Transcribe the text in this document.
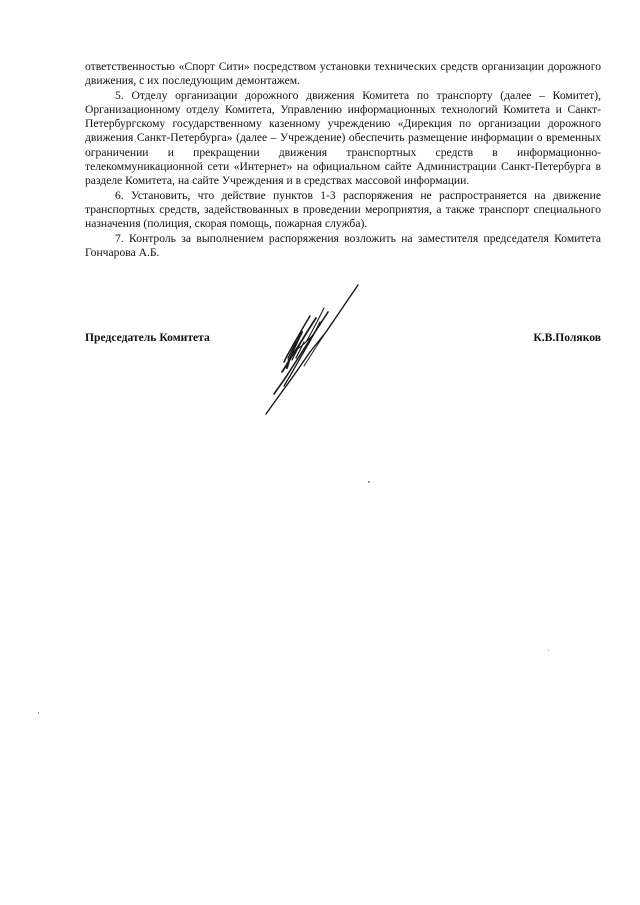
ответственностью «Спорт Сити» посредством установки технических средств организации дорожного движения, с их последующим демонтажем.

5. Отделу организации дорожного движения Комитета по транспорту (далее – Комитет), Организационному отделу Комитета, Управлению информационных технологий Комитета и Санкт-Петербургскому государственному казенному учреждению «Дирекция по организации дорожного движения Санкт-Петербурга» (далее – Учреждение) обеспечить размещение информации о временных ограничении и прекращении движения транспортных средств в информационно-телекоммуникационной сети «Интернет» на официальном сайте Администрации Санкт-Петербурга в разделе Комитета, на сайте Учреждения и в средствах массовой информации.

6. Установить, что действие пунктов 1-3 распоряжения не распространяется на движение транспортных средств, задействованных в проведении мероприятия, а также транспорт специального назначения (полиция, скорая помощь, пожарная служба).

7. Контроль за выполнением распоряжения возложить на заместителя председателя Комитета Гончарова А.Б.

Председатель Комитета	К.В.Поляков
